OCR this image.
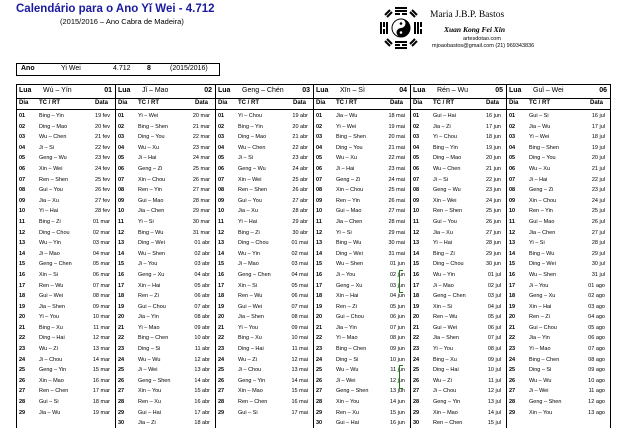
Calendário para o Ano Yǐ Wei - 4.712
(2015/2016 – Ano Cabra de Madeira)
Maria J.B.P. Bastos
Xuan Kong Fei Xin
artesdotao.com
mjoaobastos@gmail.com (21) 969343836
Ano	Yi Wei	4.712 8	(2015/2016)
Lua Wù – Yín	01
Dia TC / RT	Data
01	Bing – Yin	19 fev
02	Ding – Mao	20 fev
03	Wu – Chen	21 fev
04	Ji – Si	22 fev
05	Geng – Wu	23 fev
06	Xin – Wei	24 fev
07	Ren – Shen	25 fev
08	Gui – You	26 fev
09	Jia – Xu	27 fev
10	Yi – Hai	28 fev
11	Bing – Zi	01 mar
12	Ding – Chou	02 mar
13	Wu – Yin	03 mar
14	Ji – Mao	04 mar
15	Geng – Chen	05 mar
16	Xin – Si	06 mar
17	Ren – Wu	07 mar
18	Gui – Wei	08 mar
19	Jia – Shen	09 mar
20	Yi – You	10 mar
21	Bing – Xu	11 mar
22	Ding – Hai	12 mar
23	Wu – Zi	13 mar
24	Ji – Chou	14 mar
25	Geng – Yin	15 mar
26	Xin – Mao	16 mar
27	Ren – Chen	17 mar
28	Gui – Si	18 mar
29	Jia – Wu	19 mar
Lua Jǐ – Mao	02
Dia TC / RT	Data
01	Yi – Wei	20 mar
02	Bing – Shen	21 mar
03	Ding – You	22 mar
04	Wu – Xu	23 mar
05	Ji – Hai	24 mar
06	Geng – Zi	25 mar
07	Xin – Chou	26 mar
08	Ren – Yin	27 mar
09	Gui – Mao	28 mar
10	Jia – Chen	29 mar
11	Yi – Si	30 mar
12	Bing – Wu	31 mar
13	Ding – Wei	01 abr
14	Wu – Shen	02 abr
15	Ji – You	03 abr
16	Geng – Xu	04 abr
17	Xin – Hai	05 abr
18	Ren – Zi	06 abr
19	Gui – Chou	07 abr
20	Jia – Yin	08 abr
21	Yi – Mao	09 abr
22	Bing – Chen	10 abr
23	Ding – Si	11 abr
24	Wu – Wu	12 abr
25	Ji – Wei	13 abr
26	Geng – Shen	14 abr
27	Xin – You	15 abr
28	Ren – Xu	16 abr
29	Gui – Hai	17 abr
30	Jia – Zi	18 abr
Lua Geng – Chén	03
Dia TC / RT	Data
01	Yi – Chou	19 abr
02	Bing – Yin	20 abr
03	Ding – Mao	21 abr
04	Wu – Chen	22 abr
05	Ji – Si	23 abr
06	Geng – Wu	24 abr
07	Xin – Wei	25 abr
08	Ren – Shen	26 abr
09	Gui – You	27 abr
10	Jia – Xu	28 abr
11	Yi – Hai	29 abr
12	Bing – Zi	30 abr
13	Ding – Chou	01 mai
14	Wu – Yin	02 mai
15	Ji – Mao	03 mai
16	Geng – Chen	04 mai
17	Xin – Si	05 mai
18	Ren – Wu	06 mai
19	Gui – Wei	07 mai
20	Jia – Shen	08 mai
21	Yi – You	09 mai
22	Bing – Xu	10 mai
23	Ding – Hai	11 mai
24	Wu – Zi	12 mai
25	Ji – Chou	13 mai
26	Geng – Yin	14 mai
27	Xin – Mao	15 mai
28	Ren – Chen	16 mai
29	Gui – Si	17 mai
Lua Xīn – Sì	04
Dia TC / RT	Data
01	Jia – Wu	18 mai
02	Yi – Wei	19 mai
03	Bing – Shen	20 mai
04	Ding – You	21 mai
05	Wu – Xu	22 mai
06	Ji – Hai	23 mai
07	Geng – Zi	24 mai
08	Xin – Chou	25 mai
09	Ren – Yin	26 mai
10	Gui – Mao	27 mai
11	Jia – Chen	28 mai
12	Yi – Si	29 mai
13	Bing – Wu	30 mai
14	Ding – Wei	31 mai
15	Wu – Shen	01 jun
16	Ji – You	02 jun
17	Geng – Xu	03 jun
18	Xin – Hai	04 jun
19	Ren – Zi	05 jun
20	Gui – Chou	06 jun
21	Jia – Yin	07 jun
22	Yi – Mao	08 jun
23	Bing – Chen	09 jun
24	Ding – Si	10 jun
25	Wu – Wu	11 jun
26	Ji – Wei	12 jun
27	Geng – Shen	13 jun
28	Xin – You	14 jun
29	Ren – Xu	15 jun
30	Gui – Hai	16 jun
Lua Rén – Wu	05
Dia TC / RT	Data
01	Gui – Hai	16 jun
02	Jia – Zi	17 jun
03	Yi – Chou	18 jun
04	Bing – Yin	19 jun
05	Ding – Mao	20 jun
06	Wu – Chen	21 jun
07	Ji – Si	22 jun
08	Geng – Wu	23 jun
09	Xin – Wei	24 jun
10	Ren – Shen	25 jun
11	Gui – You	26 jun
12	Jia – Xu	27 jun
13	Yi – Hai	28 jun
14	Bing – Zi	29 jun
15	Ding – Chou	30 jun
16	Wu – Yin	01 jul
17	Ji – Mao	02 jul
18	Geng – Chen	03 jul
19	Xin – Si	04 jul
20	Ren – Wu	05 jul
21	Gui – Wei	06 jul
22	Jia – Shen	07 jul
23	Yi – You	08 jul
24	Bing – Xu	09 jul
25	Ding – Hai	10 jul
26	Wu – Zi	11 jul
27	Ji – Chou	12 jul
28	Geng – Yin	13 jul
29	Xin – Mao	14 jul
30	Ren – Chen	15 jul
Lua Guǐ – Wei	06
Dia TC / RT	Data
01	Gui – Si	16 jul
02	Jia – Wu	17 jul
03	Yi – Wei	18 jul
04	Bing – Shen	19 jul
05	Ding – You	20 jul
06	Wu – Xu	21 jul
07	Ji – Hai	22 jul
08	Geng – Zi	23 jul
09	Xin – Chou	24 jul
10	Ren – Yin	25 jul
11	Gui – Mao	26 jul
12	Jia – Chen	27 jul
13	Yi – Si	28 jul
14	Bing – Wu	29 jul
15	Ding – Wei	30 jul
16	Wu – Shen	31 jul
17	Ji – You	01 ago
18	Geng – Xu	02 ago
19	Xin – Hai	03 ago
20	Ren – Zi	04 ago
21	Gui – Chou	05 ago
22	Jia – Yin	06 ago
23	Yi – Mao	07 ago
24	Bing – Chen	08 ago
25	Ding – Si	09 ago
26	Wu – Wu	10 ago
27	Ji – Wei	11 ago
28	Geng – Shen	12 ago
29	Xin – You	13 ago
